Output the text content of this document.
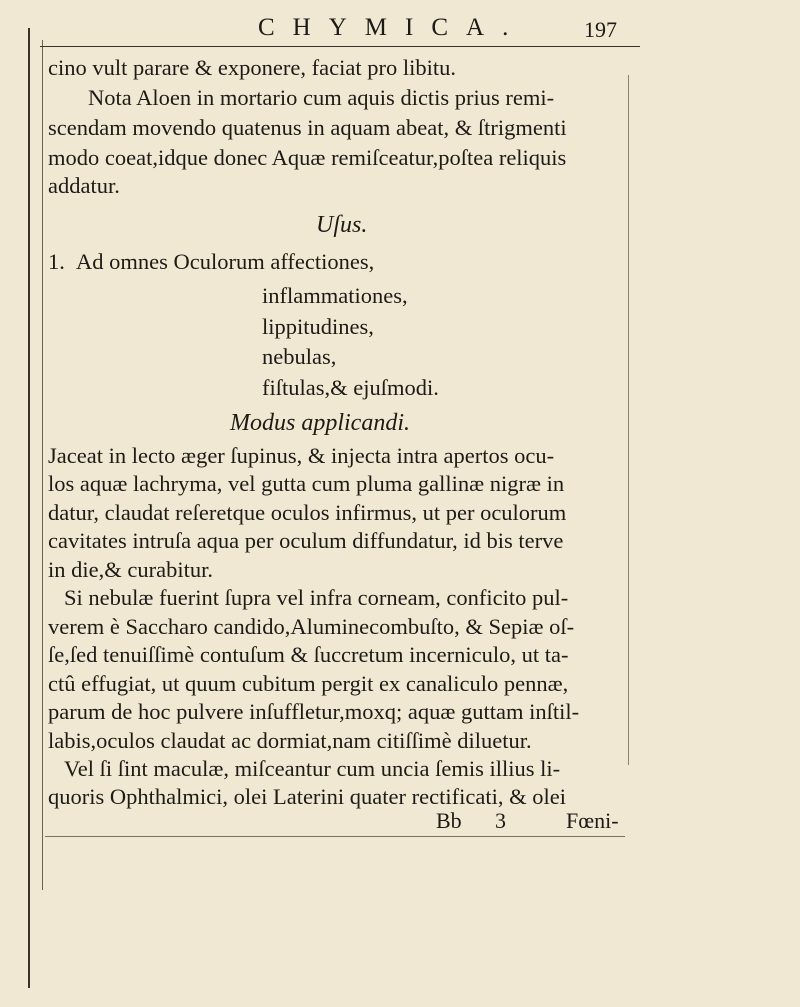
CHYMICA.	197
cino vult parare & exponere, faciat pro libitu.
Nota Aloen in mortario cum aquis dictis prius remi-
scendam movendo quatenus in aquam abeat, & ſtrigmenti
modo coeat,idque donec Aquæ remiſceatur,poſtea reliquis
addatur.
Uſus.
1. Ad omnes Oculorum affectiones,
inflammationes,
lippitudines,
nebulas,
fiſtulas,& ejuſmodi.
Modus applicandi.
Jaceat in lecto æger ſupinus, & injecta intra apertos ocu-
los aquæ lachryma, vel gutta cum pluma gallinæ nigræ in
datur, claudat reſeretque oculos infirmus, ut per oculorum
cavitates intruſa aqua per oculum diffundatur, id bis terve
in die,& curabitur.
Si nebulæ fuerint ſupra vel infra corneam, conficito pul-
verem è Saccharo candido,Aluminecombuſto, & Sepiæ oſ-
ſe,ſed tenuiſſimè contuſum & ſuccretum incerniculo, ut ta-
ctû effugiat, ut quum cubitum pergit ex canaliculo pennæ,
parum de hoc pulvere inſuffletur,moxq; aquæ guttam inſtil-
labis,oculos claudat ac dormiat,nam citiſſimè diluetur.
Vel ſi ſint maculæ, miſceantur cum uncia ſemis illius li-
quoris Ophthalmici, olei Laterini quater rectificati, & olei
Bb 3	Fœni-
